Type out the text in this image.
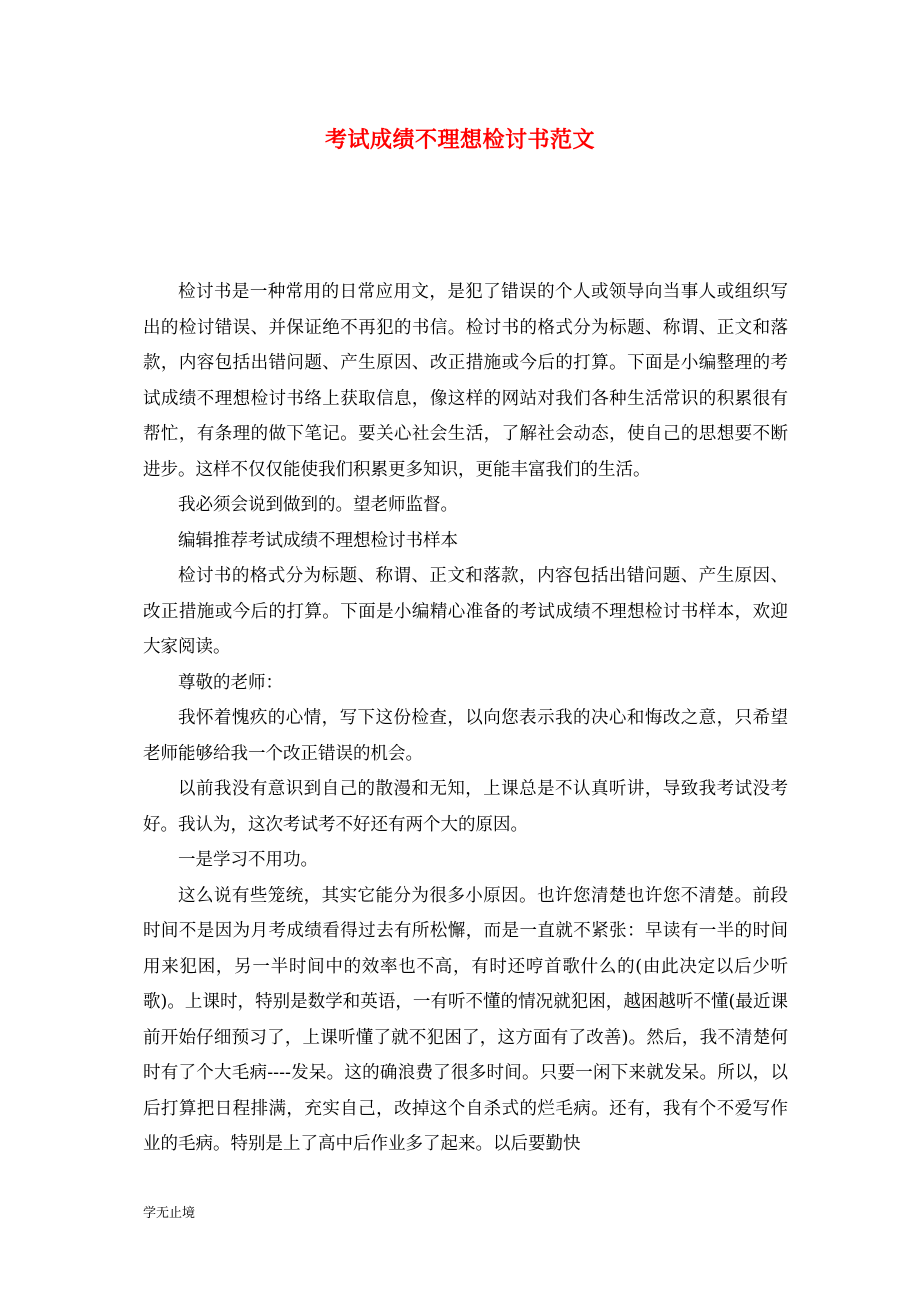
考试成绩不理想检讨书范文

检讨书是一种常用的日常应用文，是犯了错误的个人或领导向当事人或组织写出的检讨错误、并保证绝不再犯的书信。检讨书的格式分为标题、称谓、正文和落款，内容包括出错问题、产生原因、改正措施或今后的打算。下面是小编整理的考试成绩不理想检讨书络上获取信息，像这样的网站对我们各种生活常识的积累很有帮忙，有条理的做下笔记。要关心社会生活，了解社会动态，使自己的思想要不断进步。这样不仅仅能使我们积累更多知识，更能丰富我们的生活。

我必须会说到做到的。望老师监督。

编辑推荐考试成绩不理想检讨书样本

检讨书的格式分为标题、称谓、正文和落款，内容包括出错问题、产生原因、改正措施或今后的打算。下面是小编精心准备的考试成绩不理想检讨书样本，欢迎大家阅读。

尊敬的老师：

我怀着愧疚的心情，写下这份检查，以向您表示我的决心和悔改之意，只希望老师能够给我一个改正错误的机会。

以前我没有意识到自己的散漫和无知，上课总是不认真听讲，导致我考试没考好。我认为，这次考试考不好还有两个大的原因。

一是学习不用功。

这么说有些笼统，其实它能分为很多小原因。也许您清楚也许您不清楚。前段时间不是因为月考成绩看得过去有所松懈，而是一直就不紧张：早读有一半的时间用来犯困，另一半时间中的效率也不高，有时还哼首歌什么的(由此决定以后少听歌)。上课时，特别是数学和英语，一有听不懂的情况就犯困，越困越听不懂(最近课前开始仔细预习了，上课听懂了就不犯困了，这方面有了改善)。然后，我不清楚何时有了个大毛病----发呆。这的确浪费了很多时间。只要一闲下来就发呆。所以，以后打算把日程排满，充实自己，改掉这个自杀式的烂毛病。还有，我有个不爱写作业的毛病。特别是上了高中后作业多了起来。以后要勤快

学无止境
